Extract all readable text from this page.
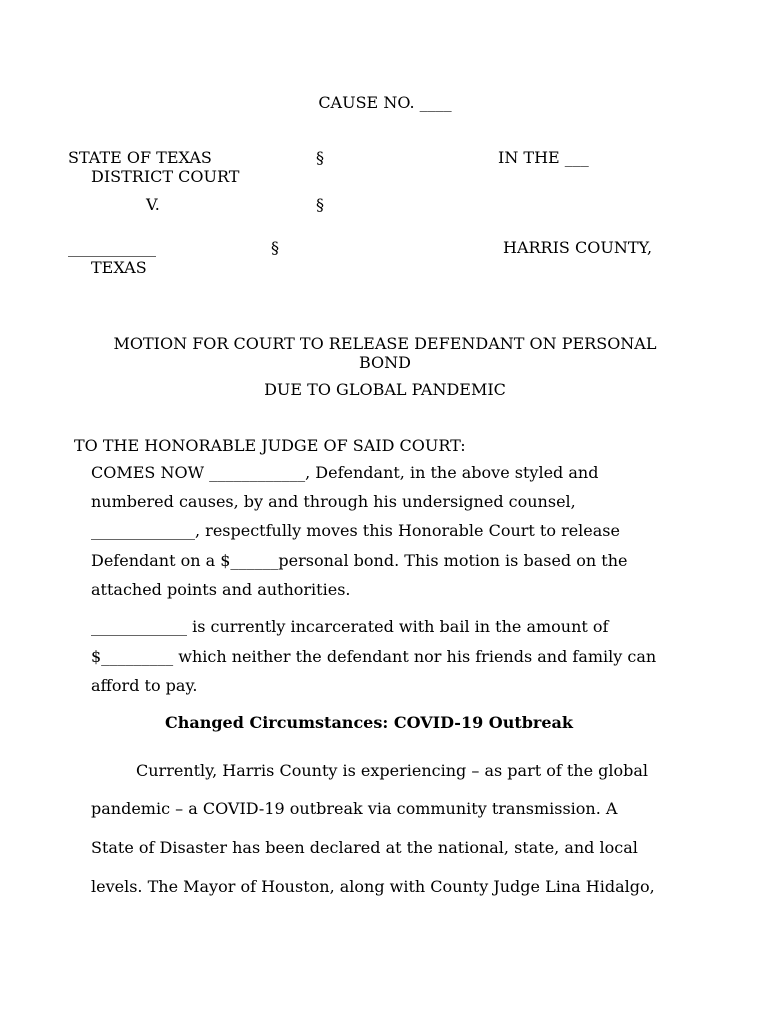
CAUSE NO. ____
STATE OF TEXAS	§	IN THE ___
DISTRICT COURT
V.	§
___________	§	HARRIS COUNTY,
TEXAS
MOTION FOR COURT TO RELEASE DEFENDANT ON PERSONAL
BOND
DUE TO GLOBAL PANDEMIC
TO THE HONORABLE JUDGE OF SAID COURT:
COMES NOW ____________, Defendant, in the above styled and
numbered causes, by and through his undersigned counsel,
_____________, respectfully moves this Honorable Court to release
Defendant on a $______personal bond. This motion is based on the
attached points and authorities.
____________ is currently incarcerated with bail in the amount of
$_________ which neither the defendant nor his friends and family can
afford to pay.
Changed Circumstances: COVID-19 Outbreak
Currently, Harris County is experiencing – as part of the global
pandemic – a COVID-19 outbreak via community transmission. A
State of Disaster has been declared at the national, state, and local
levels. The Mayor of Houston, along with County Judge Lina Hidalgo,
